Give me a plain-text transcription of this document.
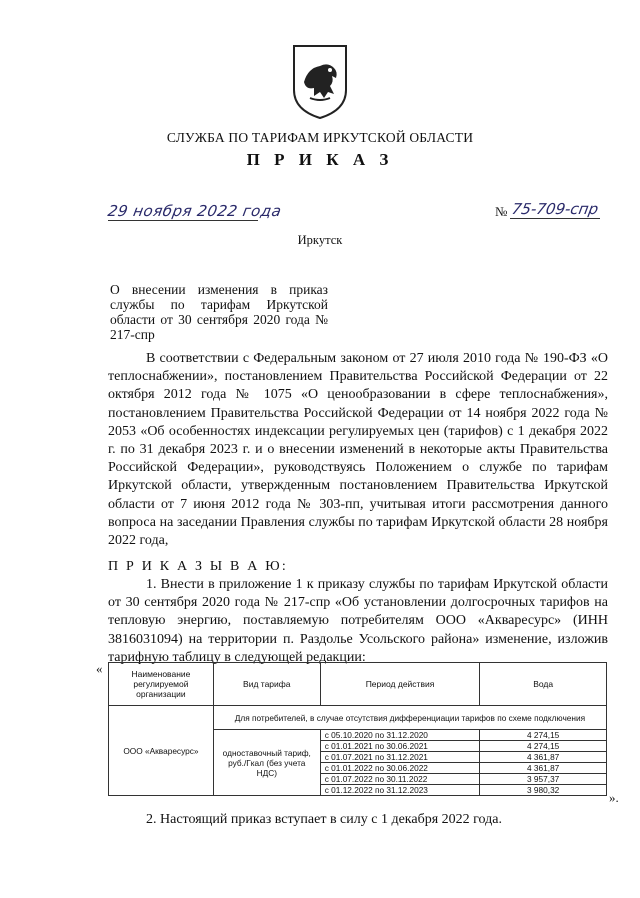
СЛУЖБА ПО ТАРИФАМ ИРКУТСКОЙ ОБЛАСТИ
П Р И К А З
29 ноября 2022 года	№ 75-709-спр
Иркутск
О внесении изменения в приказ службы по тарифам Иркутской области от 30 сентября 2020 года № 217-спр
В соответствии с Федеральным законом от 27 июля 2010 года № 190-ФЗ «О теплоснабжении», постановлением Правительства Российской Федерации от 22 октября 2012 года № 1075 «О ценообразовании в сфере теплоснабжения», постановлением Правительства Российской Федерации от 14 ноября 2022 года № 2053 «Об особенностях индексации регулируемых цен (тарифов) с 1 декабря 2022 г. по 31 декабря 2023 г. и о внесении изменений в некоторые акты Правительства Российской Федерации», руководствуясь Положением о службе по тарифам Иркутской области, утвержденным постановлением Правительства Иркутской области от 7 июня 2012 года № 303-пп, учитывая итоги рассмотрения данного вопроса на заседании Правления службы по тарифам Иркутской области 28 ноября 2022 года,
П Р И К А З Ы В А Ю:
1. Внести в приложение 1 к приказу службы по тарифам Иркутской области от 30 сентября 2020 года № 217-спр «Об установлении долгосрочных тарифов на тепловую энергию, поставляемую потребителям ООО «Акваресурс» (ИНН 3816031094) на территории п. Раздолье Усольского района» изменение, изложив тарифную таблицу в следующей редакции:
«	Наименование регулируемой организации	Вид тарифа	Период действия	Вода
ООО «Акваресурс»	Для потребителей, в случае отсутствия дифференциации тарифов по схеме подключения		
	одноставочный тариф, руб./Гкал (без учета НДС)	с 05.10.2020 по 31.12.2020	4 274,15
		с 01.01.2021 по 30.06.2021	4 274,15
		с 01.07.2021 по 31.12.2021	4 361,87
		с 01.01.2022 по 30.06.2022	4 361,87
		с 01.07.2022 по 30.11.2022	3 957,37
		с 01.12.2022 по 31.12.2023	3 980,32	».
2. Настоящий приказ вступает в силу с 1 декабря 2022 года.
